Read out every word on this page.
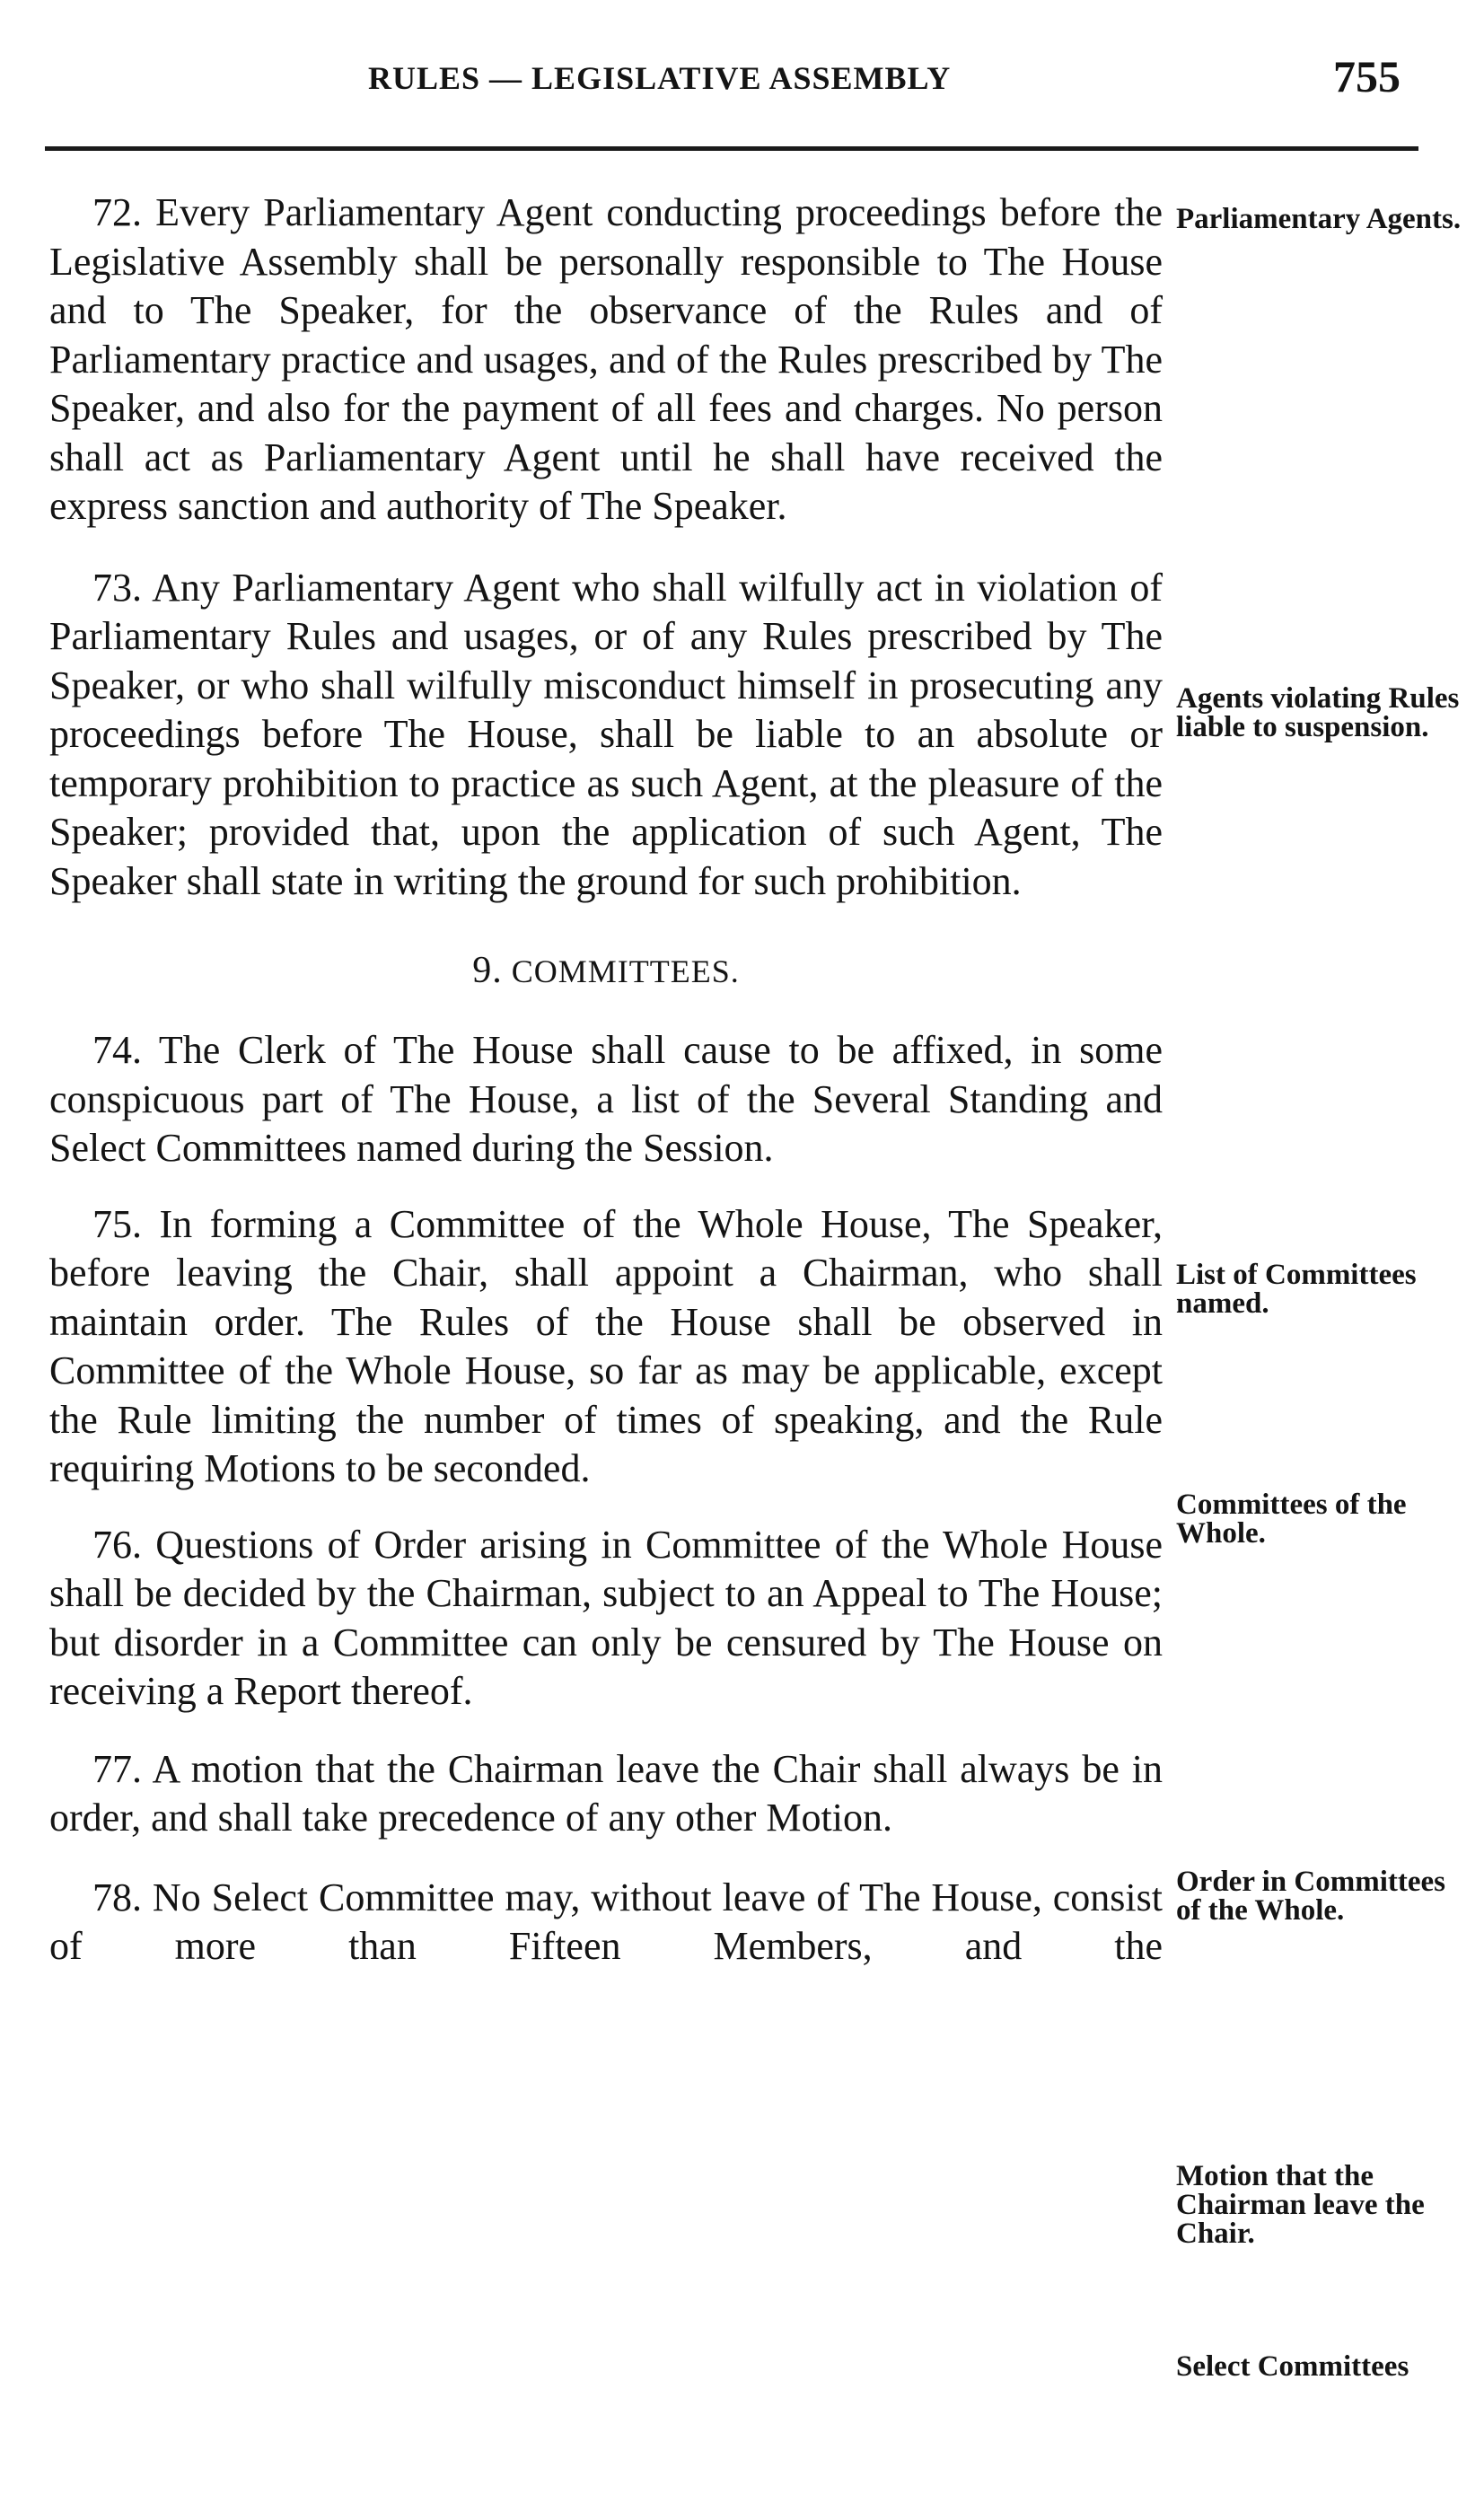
RULES — LEGISLATIVE ASSEMBLY	755

72. Every Parliamentary Agent conducting proceedings before the Legislative Assembly shall be personally responsible to The House and to The Speaker, for the observance of the Rules and of Parliamentary practice and usages, and of the Rules prescribed by The Speaker, and also for the payment of all fees and charges. No person shall act as Parliamentary Agent until he shall have received the express sanction and authority of The Speaker.

73. Any Parliamentary Agent who shall wilfully act in violation of Parliamentary Rules and usages, or of any Rules prescribed by The Speaker, or who shall wilfully misconduct himself in prosecuting any proceedings before The House, shall be liable to an absolute or temporary prohibition to practice as such Agent, at the pleasure of the Speaker; provided that, upon the application of such Agent, The Speaker shall state in writing the ground for such prohibition.

9. COMMITTEES.

74. The Clerk of The House shall cause to be affixed, in some conspicuous part of The House, a list of the Several Standing and Select Committees named during the Session.

75. In forming a Committee of the Whole House, The Speaker, before leaving the Chair, shall appoint a Chairman, who shall maintain order. The Rules of the House shall be observed in Committee of the Whole House, so far as may be applicable, except the Rule limiting the number of times of speaking, and the Rule requiring Motions to be seconded.

76. Questions of Order arising in Committee of the Whole House shall be decided by the Chairman, subject to an Appeal to The House; but disorder in a Committee can only be censured by The House on receiving a Report thereof.

77. A motion that the Chairman leave the Chair shall always be in order, and shall take precedence of any other Motion.

78. No Select Committee may, without leave of The House, consist of more than Fifteen Members, and the

Parliamentary Agents.
Agents violating Rules liable to suspension.
List of Committees named.
Committees of the Whole.
Order in Committees of the Whole.
Motion that the Chairman leave the Chair.
Select Committees
